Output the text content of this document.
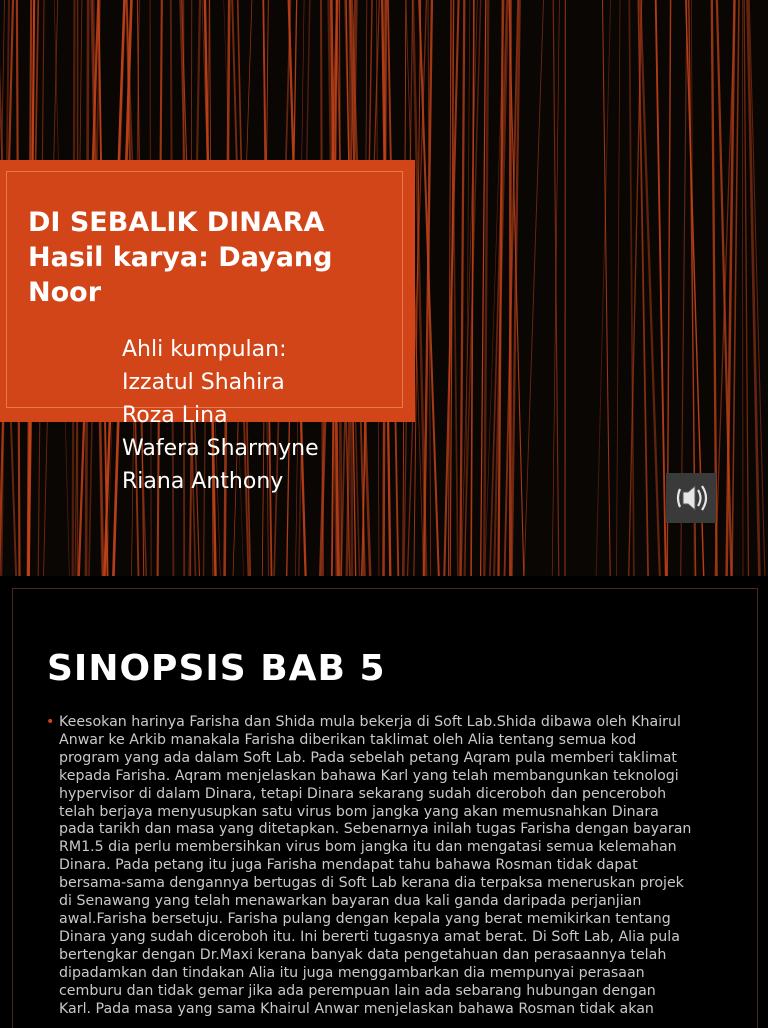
DI SEBALIK DINARA
Hasil karya: Dayang
Noor
Ahli kumpulan:
Izzatul Shahira
Roza Lina
Wafera Sharmyne
Riana Anthony
SINOPSIS BAB 5
• Keesokan harinya Farisha dan Shida mula bekerja di Soft Lab.Shida dibawa oleh Khairul
Anwar ke Arkib manakala Farisha diberikan taklimat oleh Alia tentang semua kod
program yang ada dalam Soft Lab. Pada sebelah petang Aqram pula memberi taklimat
kepada Farisha. Aqram menjelaskan bahawa Karl yang telah membangunkan teknologi
hypervisor di dalam Dinara, tetapi Dinara sekarang sudah diceroboh dan penceroboh
telah berjaya menyusupkan satu virus bom jangka yang akan memusnahkan Dinara
pada tarikh dan masa yang ditetapkan. Sebenarnya inilah tugas Farisha dengan bayaran
RM1.5 dia perlu membersihkan virus bom jangka itu dan mengatasi semua kelemahan
Dinara. Pada petang itu juga Farisha mendapat tahu bahawa Rosman tidak dapat
bersama-sama dengannya bertugas di Soft Lab kerana dia terpaksa meneruskan projek
di Senawang yang telah menawarkan bayaran dua kali ganda daripada perjanjian
awal.Farisha bersetuju. Farisha pulang dengan kepala yang berat memikirkan tentang
Dinara yang sudah diceroboh itu. Ini bererti tugasnya amat berat. Di Soft Lab, Alia pula
bertengkar dengan Dr.Maxi kerana banyak data pengetahuan dan perasaannya telah
dipadamkan dan tindakan Alia itu juga menggambarkan dia mempunyai perasaan
cemburu dan tidak gemar jika ada perempuan lain ada sebarang hubungan dengan
Karl. Pada masa yang sama Khairul Anwar menjelaskan bahawa Rosman tidak akan
